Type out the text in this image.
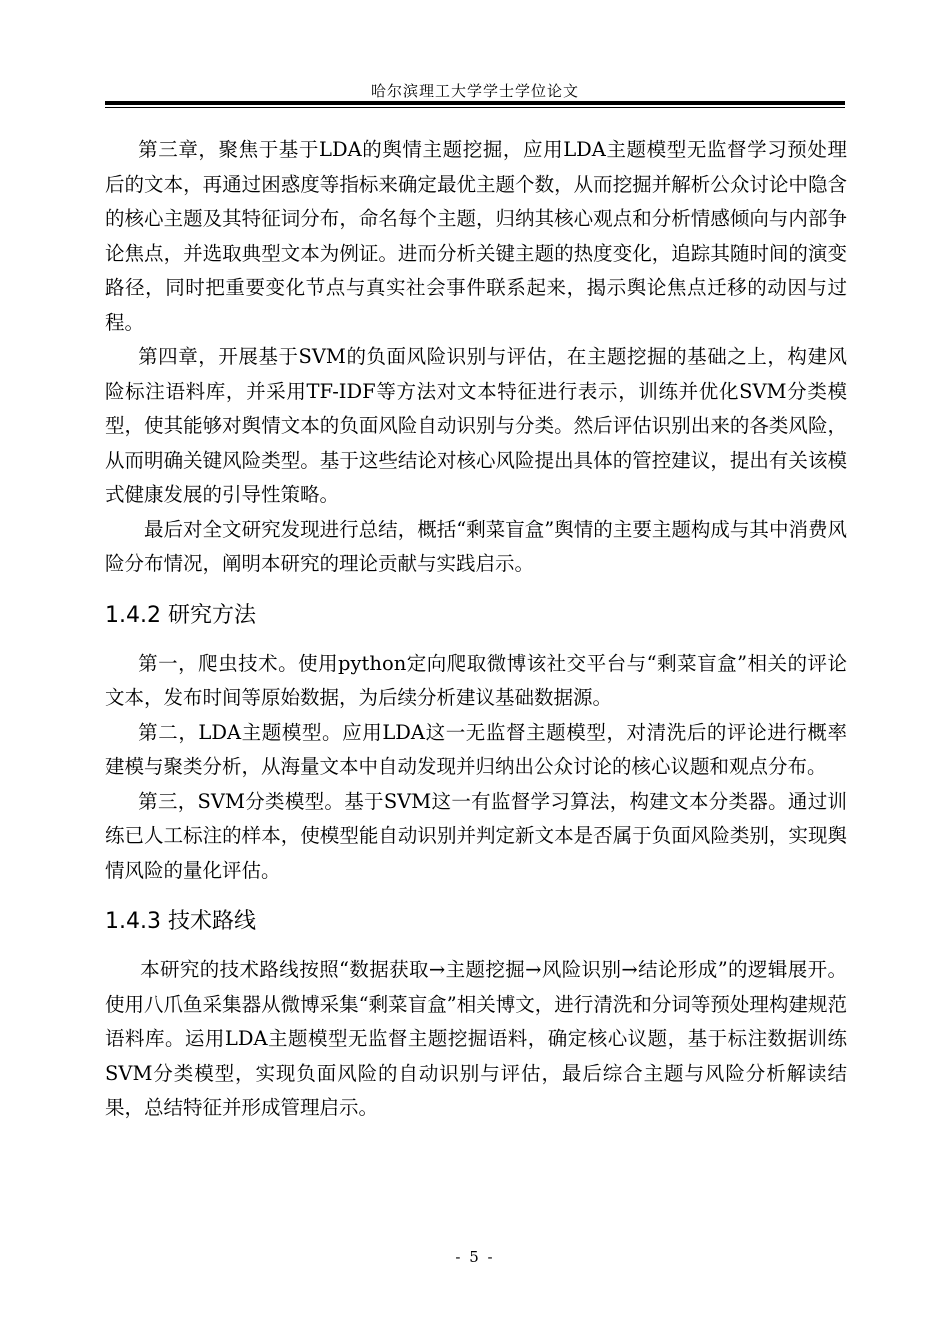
哈尔滨理工大学学士学位论文

第三章，聚焦于基于LDA的舆情主题挖掘，应用LDA主题模型无监督学习预处理后的文本，再通过困惑度等指标来确定最优主题个数，从而挖掘并解析公众讨论中隐含的核心主题及其特征词分布，命名每个主题，归纳其核心观点和分析情感倾向与内部争论焦点，并选取典型文本为例证。进而分析关键主题的热度变化，追踪其随时间的演变路径，同时把重要变化节点与真实社会事件联系起来，揭示舆论焦点迁移的动因与过程。

第四章，开展基于SVM的负面风险识别与评估，在主题挖掘的基础之上，构建风险标注语料库，并采用TF-IDF等方法对文本特征进行表示，训练并优化SVM分类模型，使其能够对舆情文本的负面风险自动识别与分类。然后评估识别出来的各类风险，从而明确关键风险类型。基于这些结论对核心风险提出具体的管控建议，提出有关该模式健康发展的引导性策略。

最后对全文研究发现进行总结，概括“剩菜盲盒”舆情的主要主题构成与其中消费风险分布情况，阐明本研究的理论贡献与实践启示。

1.4.2 研究方法

第一，爬虫技术。使用python定向爬取微博该社交平台与“剩菜盲盒”相关的评论文本，发布时间等原始数据，为后续分析建议基础数据源。

第二，LDA主题模型。应用LDA这一无监督主题模型，对清洗后的评论进行概率建模与聚类分析，从海量文本中自动发现并归纳出公众讨论的核心议题和观点分布。

第三，SVM分类模型。基于SVM这一有监督学习算法，构建文本分类器。通过训练已人工标注的样本，使模型能自动识别并判定新文本是否属于负面风险类别，实现舆情风险的量化评估。

1.4.3 技术路线

本研究的技术路线按照“数据获取→主题挖掘→风险识别→结论形成”的逻辑展开。使用八爪鱼采集器从微博采集“剩菜盲盒”相关博文，进行清洗和分词等预处理构建规范语料库。运用LDA主题模型无监督主题挖掘语料，确定核心议题，基于标注数据训练SVM分类模型，实现负面风险的自动识别与评估，最后综合主题与风险分析解读结果，总结特征并形成管理启示。

- 5 -
